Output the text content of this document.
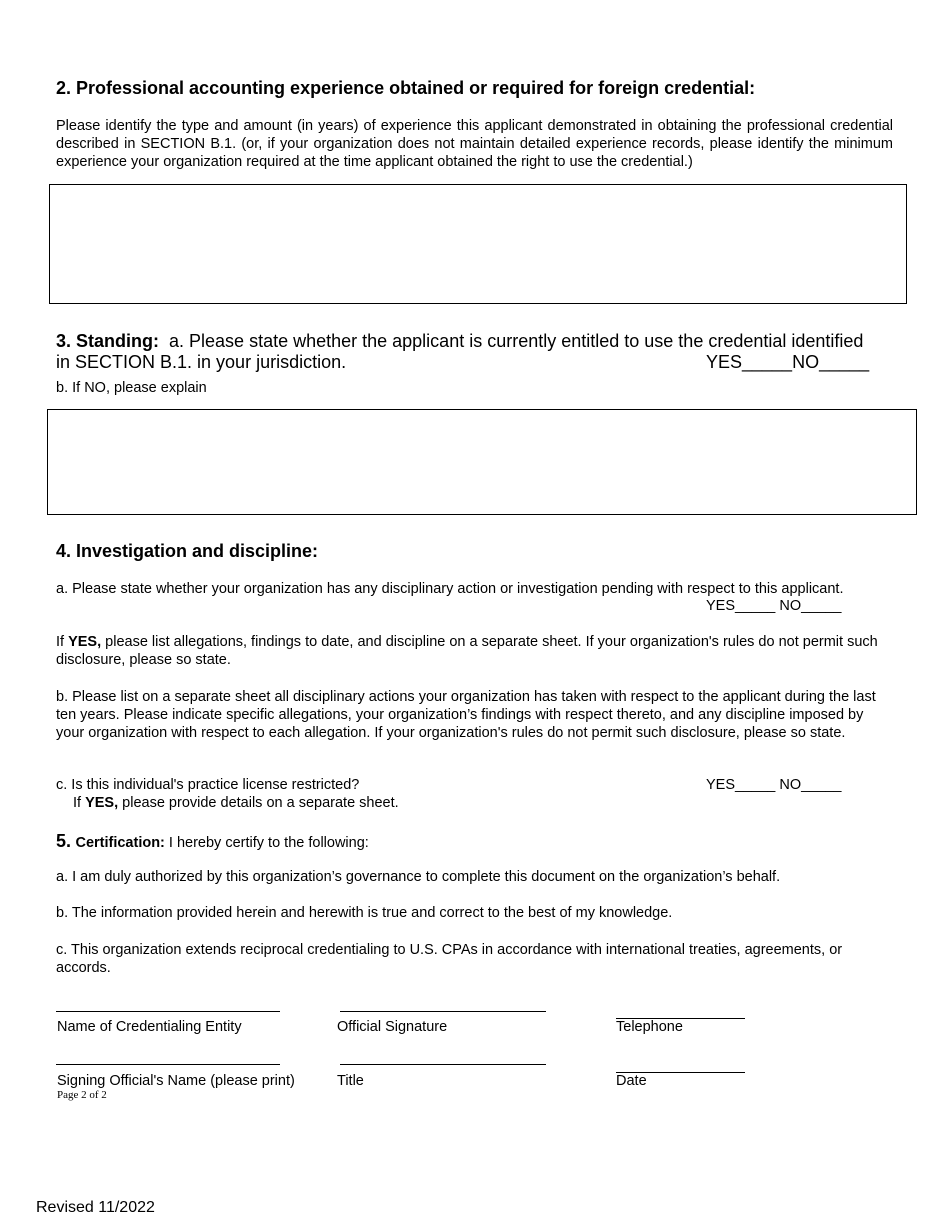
2. Professional accounting experience obtained or required for foreign credential:
Please identify the type and amount (in years) of experience this applicant demonstrated in obtaining the professional credential described in SECTION B.1. (or, if your organization does not maintain detailed experience records, please identify the minimum experience your organization required at the time applicant obtained the right to use the credential.)
3. Standing: a. Please state whether the applicant is currently entitled to use the credential identified
in SECTION B.1. in your jurisdiction.	YES_____NO_____
b. If NO, please explain
4. Investigation and discipline:
a. Please state whether your organization has any disciplinary action or investigation pending with respect to this applicant.
YES_____ NO_____
If YES, please list allegations, findings to date, and discipline on a separate sheet. If your organization's rules do not permit such disclosure, please so state.
b. Please list on a separate sheet all disciplinary actions your organization has taken with respect to the applicant during the last ten years. Please indicate specific allegations, your organization’s findings with respect thereto, and any discipline imposed by your organization with respect to each allegation. If your organization's rules do not permit such disclosure, please so state.
c. Is this individual's practice license restricted?	YES_____ NO_____
If YES, please provide details on a separate sheet.
5. Certification: I hereby certify to the following:
a. I am duly authorized by this organization’s governance to complete this document on the organization’s behalf.
b. The information provided herein and herewith is true and correct to the best of my knowledge.
c. This organization extends reciprocal credentialing to U.S. CPAs in accordance with international treaties, agreements, or accords.
Name of Credentialing Entity	Official Signature	Telephone
Signing Official's Name (please print)	Title	Date
Page 2 of 2
Revised 11/2022
